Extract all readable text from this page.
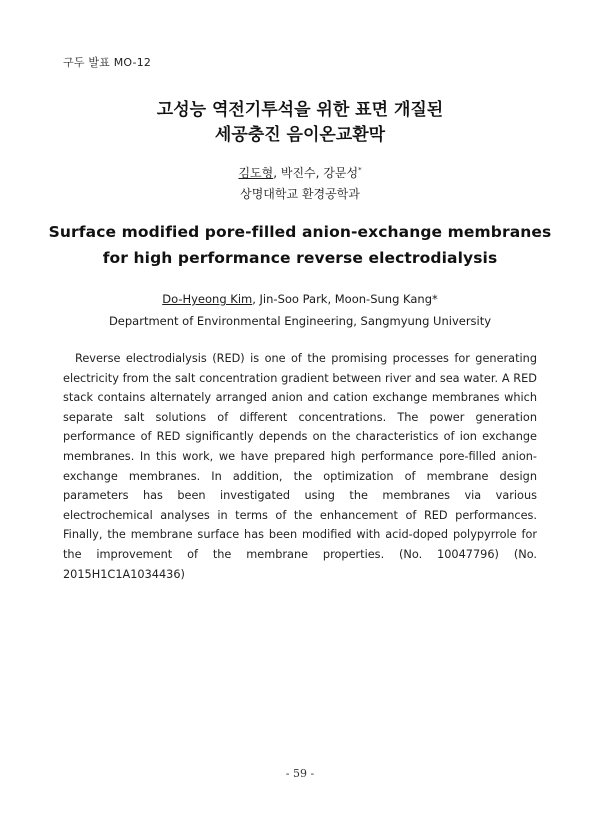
구두 발표 MO-12
고성능 역전기투석을 위한 표면 개질된
세공충진 음이온교환막
김도형, 박진수, 강문성*
상명대학교 환경공학과
Surface modified pore-filled anion-exchange membranes
for high performance reverse electrodialysis
Do-Hyeong Kim, Jin-Soo Park, Moon-Sung Kang*
Department of Environmental Engineering, Sangmyung University

Reverse electrodialysis (RED) is one of the promising processes for generating electricity from the salt concentration gradient between river and sea water. A RED stack contains alternately arranged anion and cation exchange membranes which separate salt solutions of different concentrations. The power generation performance of RED significantly depends on the characteristics of ion exchange membranes. In this work, we have prepared high performance pore-filled anion-exchange membranes. In addition, the optimization of membrane design parameters has been investigated using the membranes via various electrochemical analyses in terms of the enhancement of RED performances. Finally, the membrane surface has been modified with acid-doped polypyrrole for the improvement of the membrane properties. (No. 10047796) (No. 2015H1C1A1034436)

- 59 -
